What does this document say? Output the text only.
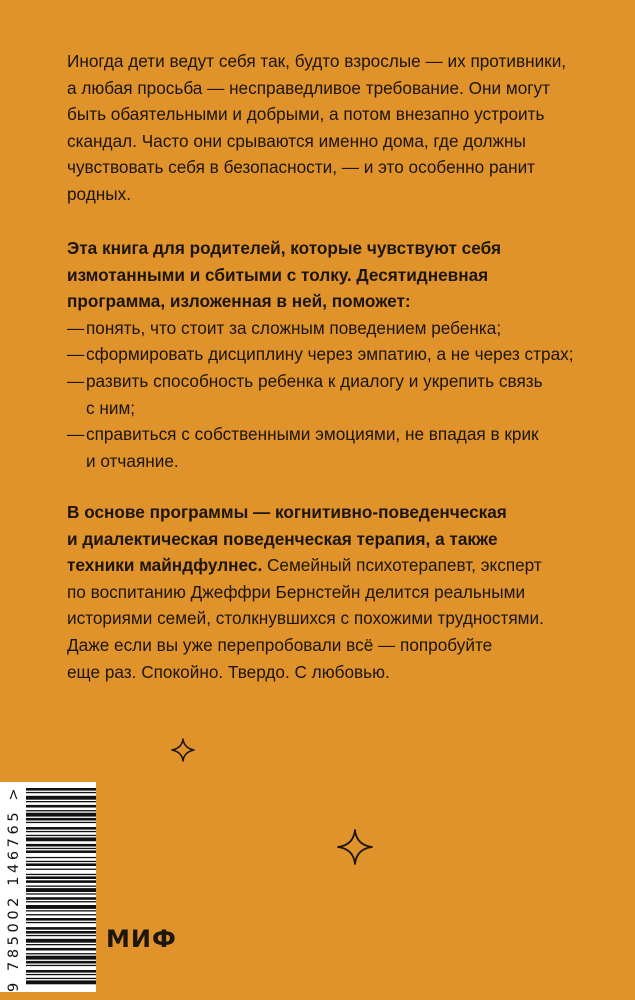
Иногда дети ведут себя так, будто взрослые — их противники,

а любая просьба — несправедливое требование. Они могут

быть обаятельными и добрыми, а потом внезапно устроить

скандал. Часто они срываются именно дома, где должны

чувствовать себя в безопасности, — и это особенно ранит

родных.

Эта книга для родителей, которые чувствуют себя

измотанными и сбитыми с толку. Десятидневная

программа, изложенная в ней, поможет:

— понять, что стоит за сложным поведением ребенка;

— сформировать дисциплину через эмпатию, а не через страх;

— развить способность ребенка к диалогу и укрепить связь

с ним;

— справиться с собственными эмоциями, не впадая в крик

и отчаяние.

В основе программы — когнитивно-поведенческая

и диалектическая поведенческая терапия, а также

техники майндфулнес. Семейный психотерапевт, эксперт

по воспитанию Джеффри Бернстейн делится реальными

историями семей, столкнувшихся с похожими трудностями.

Даже если вы уже перепробовали всё — попробуйте

еще раз. Спокойно. Твердо. С любовью.

9 785002 146765 >	МИФ
